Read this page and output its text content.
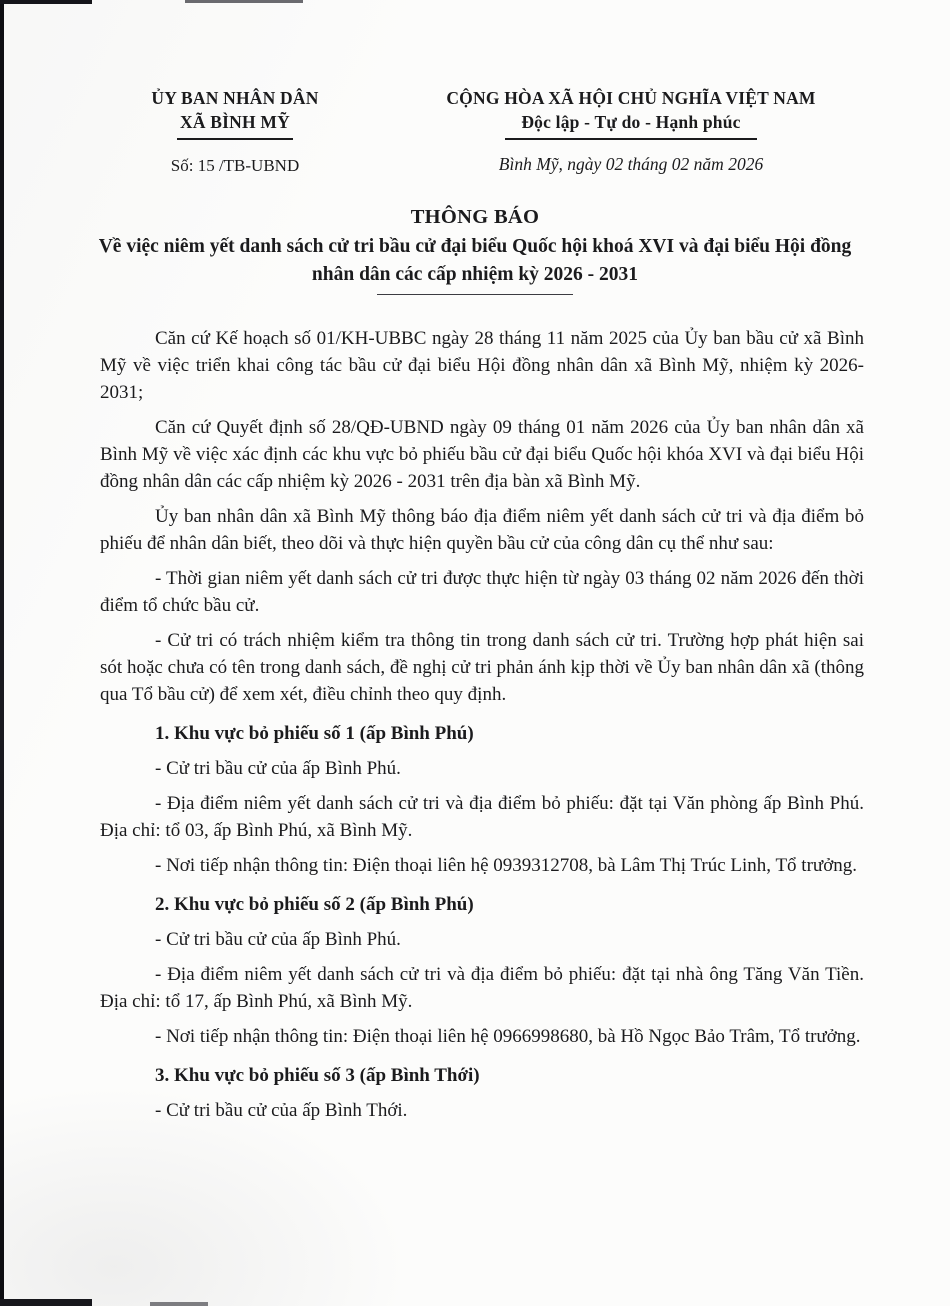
ỦY BAN NHÂN DÂN
XÃ BÌNH MỸ
Số: 15 /TB-UBND
CỘNG HÒA XÃ HỘI CHỦ NGHĨA VIỆT NAM
Độc lập - Tự do - Hạnh phúc
Bình Mỹ, ngày 02 tháng 02 năm 2026
THÔNG BÁO
Về việc niêm yết danh sách cử tri bầu cử đại biểu Quốc hội khoá XVI và đại biểu Hội đồng nhân dân các cấp nhiệm kỳ 2026 - 2031

Căn cứ Kế hoạch số 01/KH-UBBC ngày 28 tháng 11 năm 2025 của Ủy ban bầu cử xã Bình Mỹ về việc triển khai công tác bầu cử đại biểu Hội đồng nhân dân xã Bình Mỹ, nhiệm kỳ 2026-2031;

Căn cứ Quyết định số 28/QĐ-UBND ngày 09 tháng 01 năm 2026 của Ủy ban nhân dân xã Bình Mỹ về việc xác định các khu vực bỏ phiếu bầu cử đại biểu Quốc hội khóa XVI và đại biểu Hội đồng nhân dân các cấp nhiệm kỳ 2026 - 2031 trên địa bàn xã Bình Mỹ.

Ủy ban nhân dân xã Bình Mỹ thông báo địa điểm niêm yết danh sách cử tri và địa điểm bỏ phiếu để nhân dân biết, theo dõi và thực hiện quyền bầu cử của công dân cụ thể như sau:

- Thời gian niêm yết danh sách cử tri được thực hiện từ ngày 03 tháng 02 năm 2026 đến thời điểm tổ chức bầu cử.

- Cử tri có trách nhiệm kiểm tra thông tin trong danh sách cử tri. Trường hợp phát hiện sai sót hoặc chưa có tên trong danh sách, đề nghị cử tri phản ánh kịp thời về Ủy ban nhân dân xã (thông qua Tổ bầu cử) để xem xét, điều chỉnh theo quy định.

1. Khu vực bỏ phiếu số 1 (ấp Bình Phú)

- Cử tri bầu cử của ấp Bình Phú.

- Địa điểm niêm yết danh sách cử tri và địa điểm bỏ phiếu: đặt tại Văn phòng ấp Bình Phú. Địa chỉ: tổ 03, ấp Bình Phú, xã Bình Mỹ.

- Nơi tiếp nhận thông tin: Điện thoại liên hệ 0939312708, bà Lâm Thị Trúc Linh, Tổ trưởng.

2. Khu vực bỏ phiếu số 2 (ấp Bình Phú)

- Cử tri bầu cử của ấp Bình Phú.

- Địa điểm niêm yết danh sách cử tri và địa điểm bỏ phiếu: đặt tại nhà ông Tăng Văn Tiền. Địa chỉ: tổ 17, ấp Bình Phú, xã Bình Mỹ.

- Nơi tiếp nhận thông tin: Điện thoại liên hệ 0966998680, bà Hồ Ngọc Bảo Trâm, Tổ trưởng.

3. Khu vực bỏ phiếu số 3 (ấp Bình Thới)

- Cử tri bầu cử của ấp Bình Thới.
